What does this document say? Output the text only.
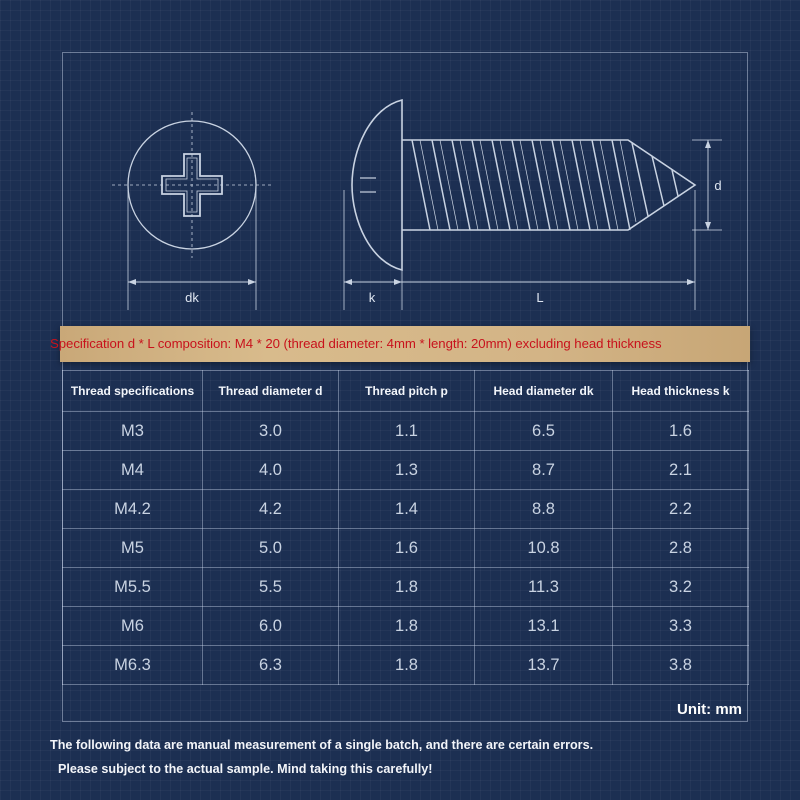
dk	k	L
d
Specification d * L composition: M4 * 20 (thread diameter: 4mm * length: 20mm) excluding head thickness
Thread specifications	Thread diameter d	Thread pitch p	Head diameter dk	Head thickness k
M3	3.0	1.1	6.5	1.6
M4	4.0	1.3	8.7	2.1
M4.2	4.2	1.4	8.8	2.2
M5	5.0	1.6	10.8	2.8
M5.5	5.5	1.8	11.3	3.2
M6	6.0	1.8	13.1	3.3
M6.3	6.3	1.8	13.7	3.8
Unit: mm
The following data are manual measurement of a single batch, and there are certain errors.
Please subject to the actual sample. Mind taking this carefully!
